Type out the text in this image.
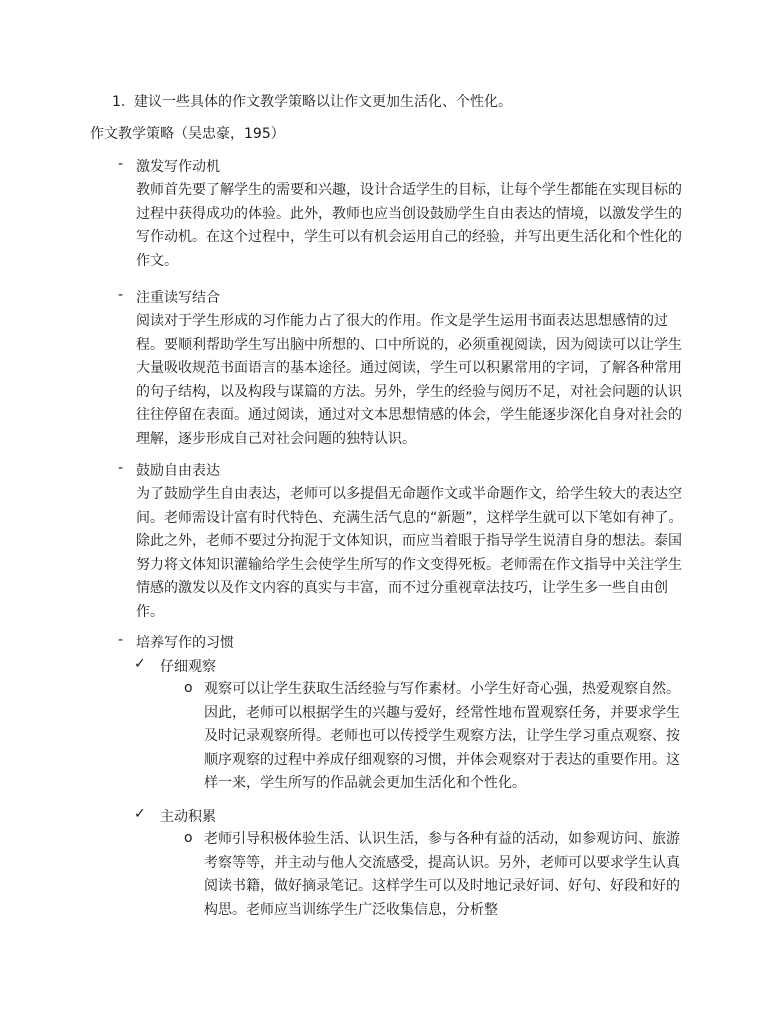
1. 建议一些具体的作文教学策略以让作文更加生活化、个性化。
作文教学策略（吴忠豪，195）
- 激发写作动机
教师首先要了解学生的需要和兴趣，设计合适学生的目标，让每个学生都能在实现目标的过程中获得成功的体验。此外，教师也应当创设鼓励学生自由表达的情境，以激发学生的写作动机。在这个过程中，学生可以有机会运用自己的经验，并写出更生活化和个性化的作文。
- 注重读写结合
阅读对于学生形成的习作能力占了很大的作用。作文是学生运用书面表达思想感情的过程。要顺利帮助学生写出脑中所想的、口中所说的，必须重视阅读，因为阅读可以让学生大量吸收规范书面语言的基本途径。通过阅读，学生可以积累常用的字词，了解各种常用的句子结构，以及构段与谋篇的方法。另外，学生的经验与阅历不足，对社会问题的认识往往停留在表面。通过阅读，通过对文本思想情感的体会，学生能逐步深化自身对社会的理解，逐步形成自己对社会问题的独特认识。
- 鼓励自由表达
为了鼓励学生自由表达，老师可以多提倡无命题作文或半命题作文，给学生较大的表达空间。老师需设计富有时代特色、充满生活气息的“新题”，这样学生就可以下笔如有神了。除此之外，老师不要过分拘泥于文体知识，而应当着眼于指导学生说清自身的想法。泰国努力将文体知识灌输给学生会使学生所写的作文变得死板。老师需在作文指导中关注学生情感的激发以及作文内容的真实与丰富，而不过分重视章法技巧，让学生多一些自由创作。
- 培养写作的习惯
✓	仔细观察
o 观察可以让学生获取生活经验与写作素材。小学生好奇心强，热爱观察自然。因此，老师可以根据学生的兴趣与爱好，经常性地布置观察任务，并要求学生及时记录观察所得。老师也可以传授学生观察方法，让学生学习重点观察、按顺序观察的过程中养成仔细观察的习惯，并体会观察对于表达的重要作用。这样一来，学生所写的作品就会更加生活化和个性化。
✓	主动积累
o 老师引导积极体验生活、认识生活，参与各种有益的活动，如参观访问、旅游考察等等，并主动与他人交流感受，提高认识。另外，老师可以要求学生认真阅读书籍，做好摘录笔记。这样学生可以及时地记录好词、好句、好段和好的构思。老师应当训练学生广泛收集信息，分析整
